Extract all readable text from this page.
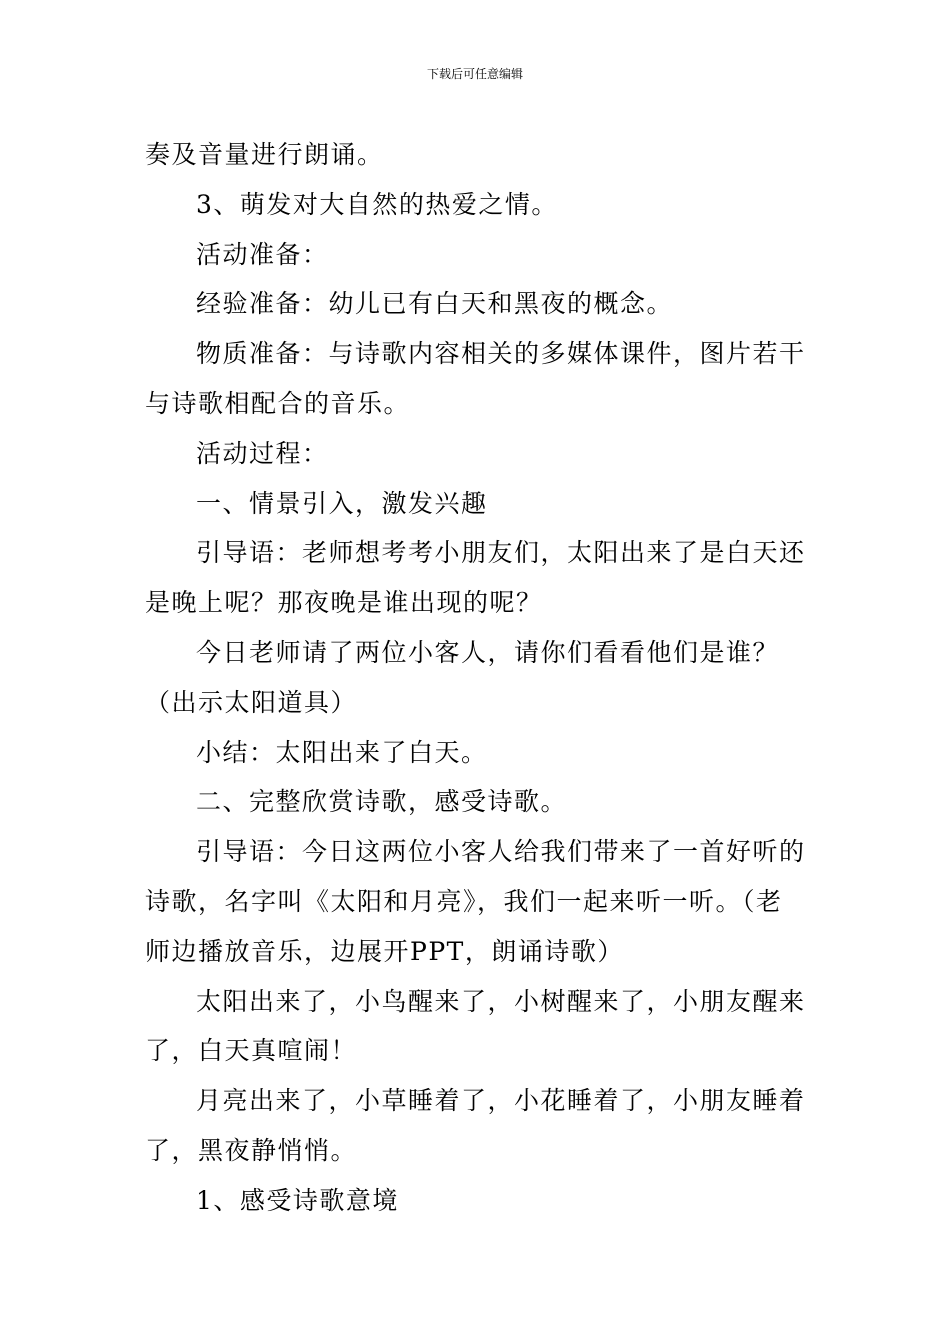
下载后可任意编辑

奏及音量进行朗诵。

3、萌发对大自然的热爱之情。

活动准备：

经验准备：幼儿已有白天和黑夜的概念。

物质准备：与诗歌内容相关的多媒体课件，图片若干与诗歌相配合的音乐。

活动过程：

一、情景引入，激发兴趣

引导语：老师想考考小朋友们，太阳出来了是白天还是晚上呢？那夜晚是谁出现的呢？

今日老师请了两位小客人，请你们看看他们是谁？（出示太阳道具）

小结：太阳出来了白天。

二、完整欣赏诗歌，感受诗歌。

引导语：今日这两位小客人给我们带来了一首好听的诗歌，名字叫《太阳和月亮》，我们一起来听一听。（老师边播放音乐，边展开PPT，朗诵诗歌）

太阳出来了，小鸟醒来了，小树醒来了，小朋友醒来了，白天真喧闹！

月亮出来了，小草睡着了，小花睡着了，小朋友睡着了，黑夜静悄悄。

1、感受诗歌意境
